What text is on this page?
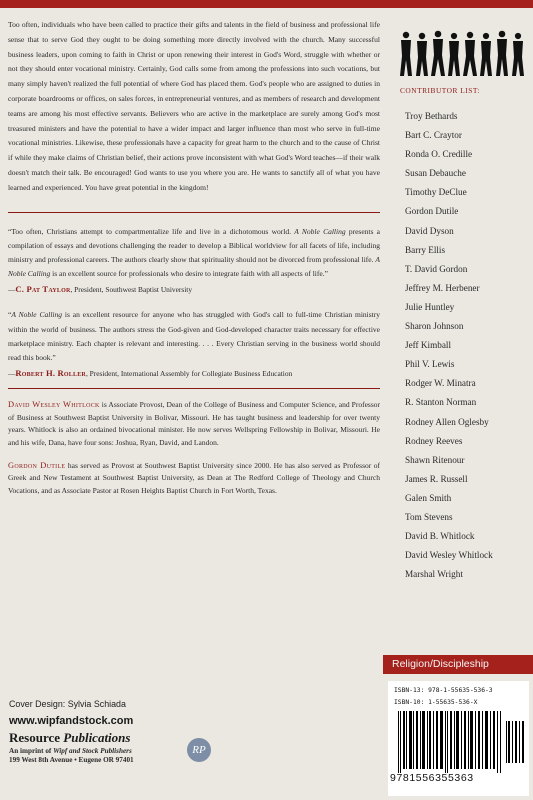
Too often, individuals who have been called to practice their gifts and talents in the field of business and professional life sense that to serve God they ought to be doing something more directly involved with the church. Many successful business leaders, upon coming to faith in Christ or upon renewing their interest in God's Word, struggle with whether or not they should enter vocational ministry. Certainly, God calls some from among the professions into such vocations, but many simply haven't realized the full potential of where God has placed them. God's people who are assigned to duties in corporate boardrooms or offices, on sales forces, in entrepreneurial ventures, and as members of research and development teams are among his most effective servants. Believers who are active in the marketplace are surely among God's most treasured ministers and have the potential to have a wider impact and larger influence than most who serve in full-time vocational ministries. Likewise, these professionals have a capacity for great harm to the church and to the cause of Christ if while they make claims of Christian belief, their actions prove inconsistent with what God's Word teaches—if their walk doesn't match their talk. Be encouraged! God wants to use you where you are. He wants to sanctify all of what you have learned and experienced. You have great potential in the kingdom!

“Too often, Christians attempt to compartmentalize life and live in a dichotomous world. A Noble Calling presents a compilation of essays and devotions challenging the reader to develop a Biblical worldview for all facets of life, including ministry and professional careers. The authors clearly show that spirituality should not be divorced from professional life. A Noble Calling is an excellent source for professionals who desire to integrate faith with all aspects of life.”

—C. Pat Taylor, President, Southwest Baptist University

“A Noble Calling is an excellent resource for anyone who has struggled with God's call to full-time Christian ministry within the world of business. The authors stress the God-given and God-developed character traits necessary for effective marketplace ministry. Each chapter is relevant and interesting. . . . Every Christian serving in the business world should read this book.”

—Robert H. Roller, President, International Assembly for Collegiate Business Education

David Wesley Whitlock is Associate Provost, Dean of the College of Business and Computer Science, and Professor of Business at Southwest Baptist University in Bolivar, Missouri. He has taught business and leadership for over twenty years. Whitlock is also an ordained bivocational minister. He now serves Wellspring Fellowship in Bolivar, Missouri. He and his wife, Dana, have four sons: Joshua, Ryan, David, and Landon.

Gordon Dutile has served as Provost at Southwest Baptist University since 2000. He has also served as Professor of Greek and New Testament at Southwest Baptist University, as Dean at The Redford College of Theology and Church Vocations, and as Associate Pastor at Rosen Heights Baptist Church in Fort Worth, Texas.

CONTRIBUTOR LIST:
Troy Bethards
Bart C. Craytor
Ronda O. Credille
Susan Debauche
Timothy DeClue
Gordon Dutile
David Dyson
Barry Ellis
T. David Gordon
Jeffrey M. Herbener
Julie Huntley
Sharon Johnson
Jeff Kimball
Phil V. Lewis
Rodger W. Minatra
R. Stanton Norman
Rodney Allen Oglesby
Rodney Reeves
Shawn Ritenour
James R. Russell
Galen Smith
Tom Stevens
David B. Whitlock
David Wesley Whitlock
Marshal Wright
Religion/Discipleship
ISBN-13: 978-1-55635-536-3
ISBN-10: 1-55635-536-X
9781556355363
Cover Design: Sylvia Schiada
www.wipfandstock.com
Resource Publications
An imprint of Wipf and Stock Publishers
199 West 8th Avenue • Eugene OR 97401
RP
